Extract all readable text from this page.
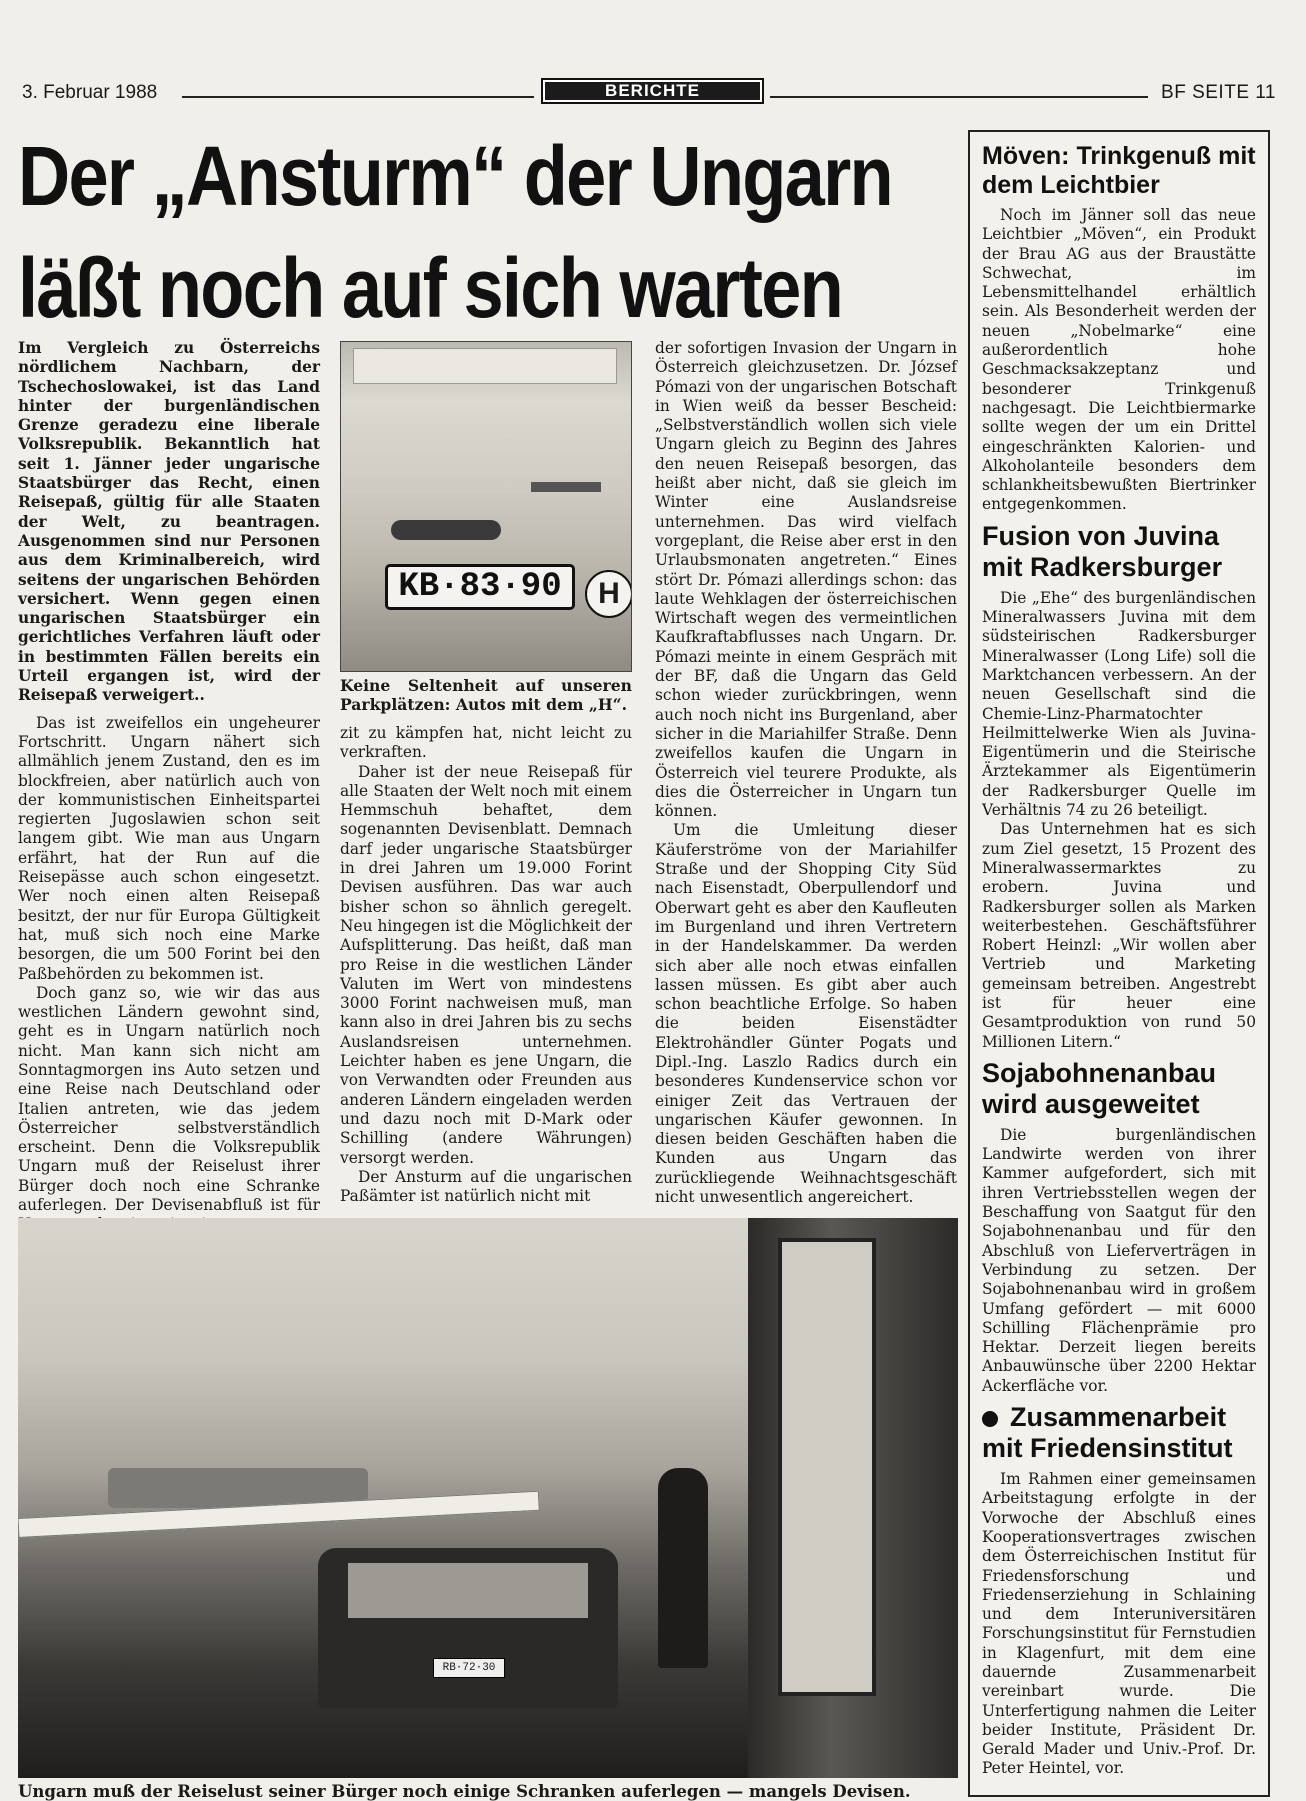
3. Februar 1988	BERICHTE	BF SEITE 11
Der „Ansturm“ der Ungarn
läßt noch auf sich warten

Im Vergleich zu Österreichs nördlichem Nachbarn, der Tschechoslowakei, ist das Land hinter der burgenländischen Grenze geradezu eine liberale Volksrepublik. Bekanntlich hat seit 1. Jänner jeder ungarische Staatsbürger das Recht, einen Reisepaß, gültig für alle Staaten der Welt, zu beantragen. Ausgenommen sind nur Personen aus dem Kriminalbereich, wird seitens der ungarischen Behörden versichert. Wenn gegen einen ungarischen Staatsbürger ein gerichtliches Verfahren läuft oder in bestimmten Fällen bereits ein Urteil ergangen ist, wird der Reisepaß verweigert..

Das ist zweifellos ein ungeheurer Fortschritt. Ungarn nähert sich allmählich jenem Zustand, den es im blockfreien, aber natürlich auch von der kommunistischen Einheitspartei regierten Jugoslawien schon seit langem gibt. Wie man aus Ungarn erfährt, hat der Run auf die Reisepässe auch schon eingesetzt. Wer noch einen alten Reisepaß besitzt, der nur für Europa Gültigkeit hat, muß sich noch eine Marke besorgen, die um 500 Forint bei den Paßbehörden zu bekommen ist.

Doch ganz so, wie wir das aus westlichen Ländern gewohnt sind, geht es in Ungarn natürlich noch nicht. Man kann sich nicht am Sonntagmorgen ins Auto setzen und eine Reise nach Deutschland oder Italien antreten, wie das jedem Österreicher selbstverständlich erscheint. Denn die Volksrepublik Ungarn muß der Reiselust ihrer Bürger doch noch eine Schranke auferlegen. Der Devisenabfluß ist für

KB·83·90	H
Keine Seltenheit auf unseren Parkplätzen: Autos mit dem „H“.

zit zu kämpfen hat, nicht leicht zu verkraften.

Daher ist der neue Reisepaß für alle Staaten der Welt noch mit einem Hemmschuh behaftet, dem sogenannten Devisenblatt. Demnach darf jeder ungarische Staatsbürger in drei Jahren um 19.000 Forint Devisen ausführen. Das war auch bisher schon so ähnlich geregelt. Neu hingegen ist die Möglichkeit der Aufsplitterung. Das heißt, daß man pro Reise in die westlichen Länder Valuten im Wert von mindestens 3000 Forint nachweisen muß, man kann also in drei Jahren bis zu sechs Auslandsreisen unternehmen. Leichter haben es jene Ungarn, die von Verwandten oder Freunden aus anderen Ländern eingeladen werden und dazu noch mit D-Mark oder Schilling (andere Währungen) versorgt werden.

Der Ansturm auf die ungarischen Paßämter ist natürlich nicht mit

der sofortigen Invasion der Ungarn in Österreich gleichzusetzen. Dr. József Pómazi von der ungarischen Botschaft in Wien weiß da besser Bescheid: „Selbstverständlich wollen sich viele Ungarn gleich zu Beginn des Jahres den neuen Reisepaß besorgen, das heißt aber nicht, daß sie gleich im Winter eine Auslandsreise unternehmen. Das wird vielfach vorgeplant, die Reise aber erst in den Urlaubsmonaten angetreten.“ Eines stört Dr. Pómazi allerdings schon: das laute Wehklagen der österreichischen Wirtschaft wegen des vermeintlichen Kaufkraftabflusses nach Ungarn. Dr. Pómazi meinte in einem Gespräch mit der BF, daß die Ungarn das Geld schon wieder zurückbringen, wenn auch noch nicht ins Burgenland, aber sicher in die Mariahilfer Straße. Denn zweifellos kaufen die Ungarn in Österreich viel teurere Produkte, als dies die Österreicher in Ungarn tun können.

Um die Umleitung dieser Käuferströme von der Mariahilfer Straße und der Shopping City Süd nach Eisenstadt, Oberpullendorf und Oberwart geht es aber den Kaufleuten im Burgenland und ihren Vertretern in der Handelskammer. Da werden sich aber alle noch etwas einfallen lassen müssen. Es gibt aber auch schon beachtliche Erfolge. So haben die beiden Eisenstädter Elektrohändler Günter Pogats und Dipl.-Ing. Laszlo Radics durch ein besonderes Kundenservice schon vor einiger Zeit das Vertrauen der ungarischen Käufer gewonnen. In diesen beiden Geschäften haben die Kunden aus Ungarn das zurückliegende Weihnachtsgeschäft nicht unwesentlich angereichert.

RB·72·30
Ungarn muß der Reiselust seiner Bürger noch einige Schranken auferlegen — mangels Devisen.
Möven: Trinkgenuß mit dem Leichtbier

Noch im Jänner soll das neue Leichtbier „Möven“, ein Produkt der Brau AG aus der Braustätte Schwechat, im Lebensmittelhandel erhältlich sein. Als Besonderheit werden der neuen „Nobelmarke“ eine außerordentlich hohe Geschmacksakzeptanz und besonderer Trinkgenuß nachgesagt. Die Leichtbiermarke sollte wegen der um ein Drittel eingeschränkten Kalorien- und Alkoholanteile besonders dem schlankheitsbewußten Biertrinker entgegenkommen.

Fusion von Juvina mit Radkersburger

Die „Ehe“ des burgenländischen Mineralwassers Juvina mit dem südsteirischen Radkersburger Mineralwasser (Long Life) soll die Marktchancen verbessern. An der neuen Gesellschaft sind die Chemie-Linz-Pharmatochter Heilmittelwerke Wien als Juvina-Eigentümerin und die Steirische Ärztekammer als Eigentümerin der Radkersburger Quelle im Verhältnis 74 zu 26 beteiligt.

Das Unternehmen hat es sich zum Ziel gesetzt, 15 Prozent des Mineralwassermarktes zu erobern. Juvina und Radkersburger sollen als Marken weiterbestehen. Geschäftsführer Robert Heinzl: „Wir wollen aber Vertrieb und Marketing gemeinsam betreiben. Angestrebt ist für heuer eine Gesamtproduktion von rund 50 Millionen Litern.“

Sojabohnenanbau wird ausgeweitet

Die burgenländischen Landwirte werden von ihrer Kammer aufgefordert, sich mit ihren Vertriebsstellen wegen der Beschaffung von Saatgut für den Sojabohnenanbau und für den Abschluß von Lieferverträgen in Verbindung zu setzen. Der Sojabohnenanbau wird in großem Umfang gefördert — mit 6000 Schilling Flächenprämie pro Hektar. Derzeit liegen bereits Anbauwünsche über 2200 Hektar Ackerfläche vor.

Zusammenarbeit mit Friedensinstitut

Im Rahmen einer gemeinsamen Arbeitstagung erfolgte in der Vorwoche der Abschluß eines Kooperationsvertrages zwischen dem Österreichischen Institut für Friedensforschung und Friedenserziehung in Schlaining und dem Interuniversitären Forschungsinstitut für Fernstudien in Klagenfurt, mit dem eine dauernde Zusammenarbeit vereinbart wurde. Die Unterfertigung nahmen die Leiter beider Institute, Präsident Dr. Gerald Mader und Univ.-Prof. Dr. Peter Heintel, vor.
